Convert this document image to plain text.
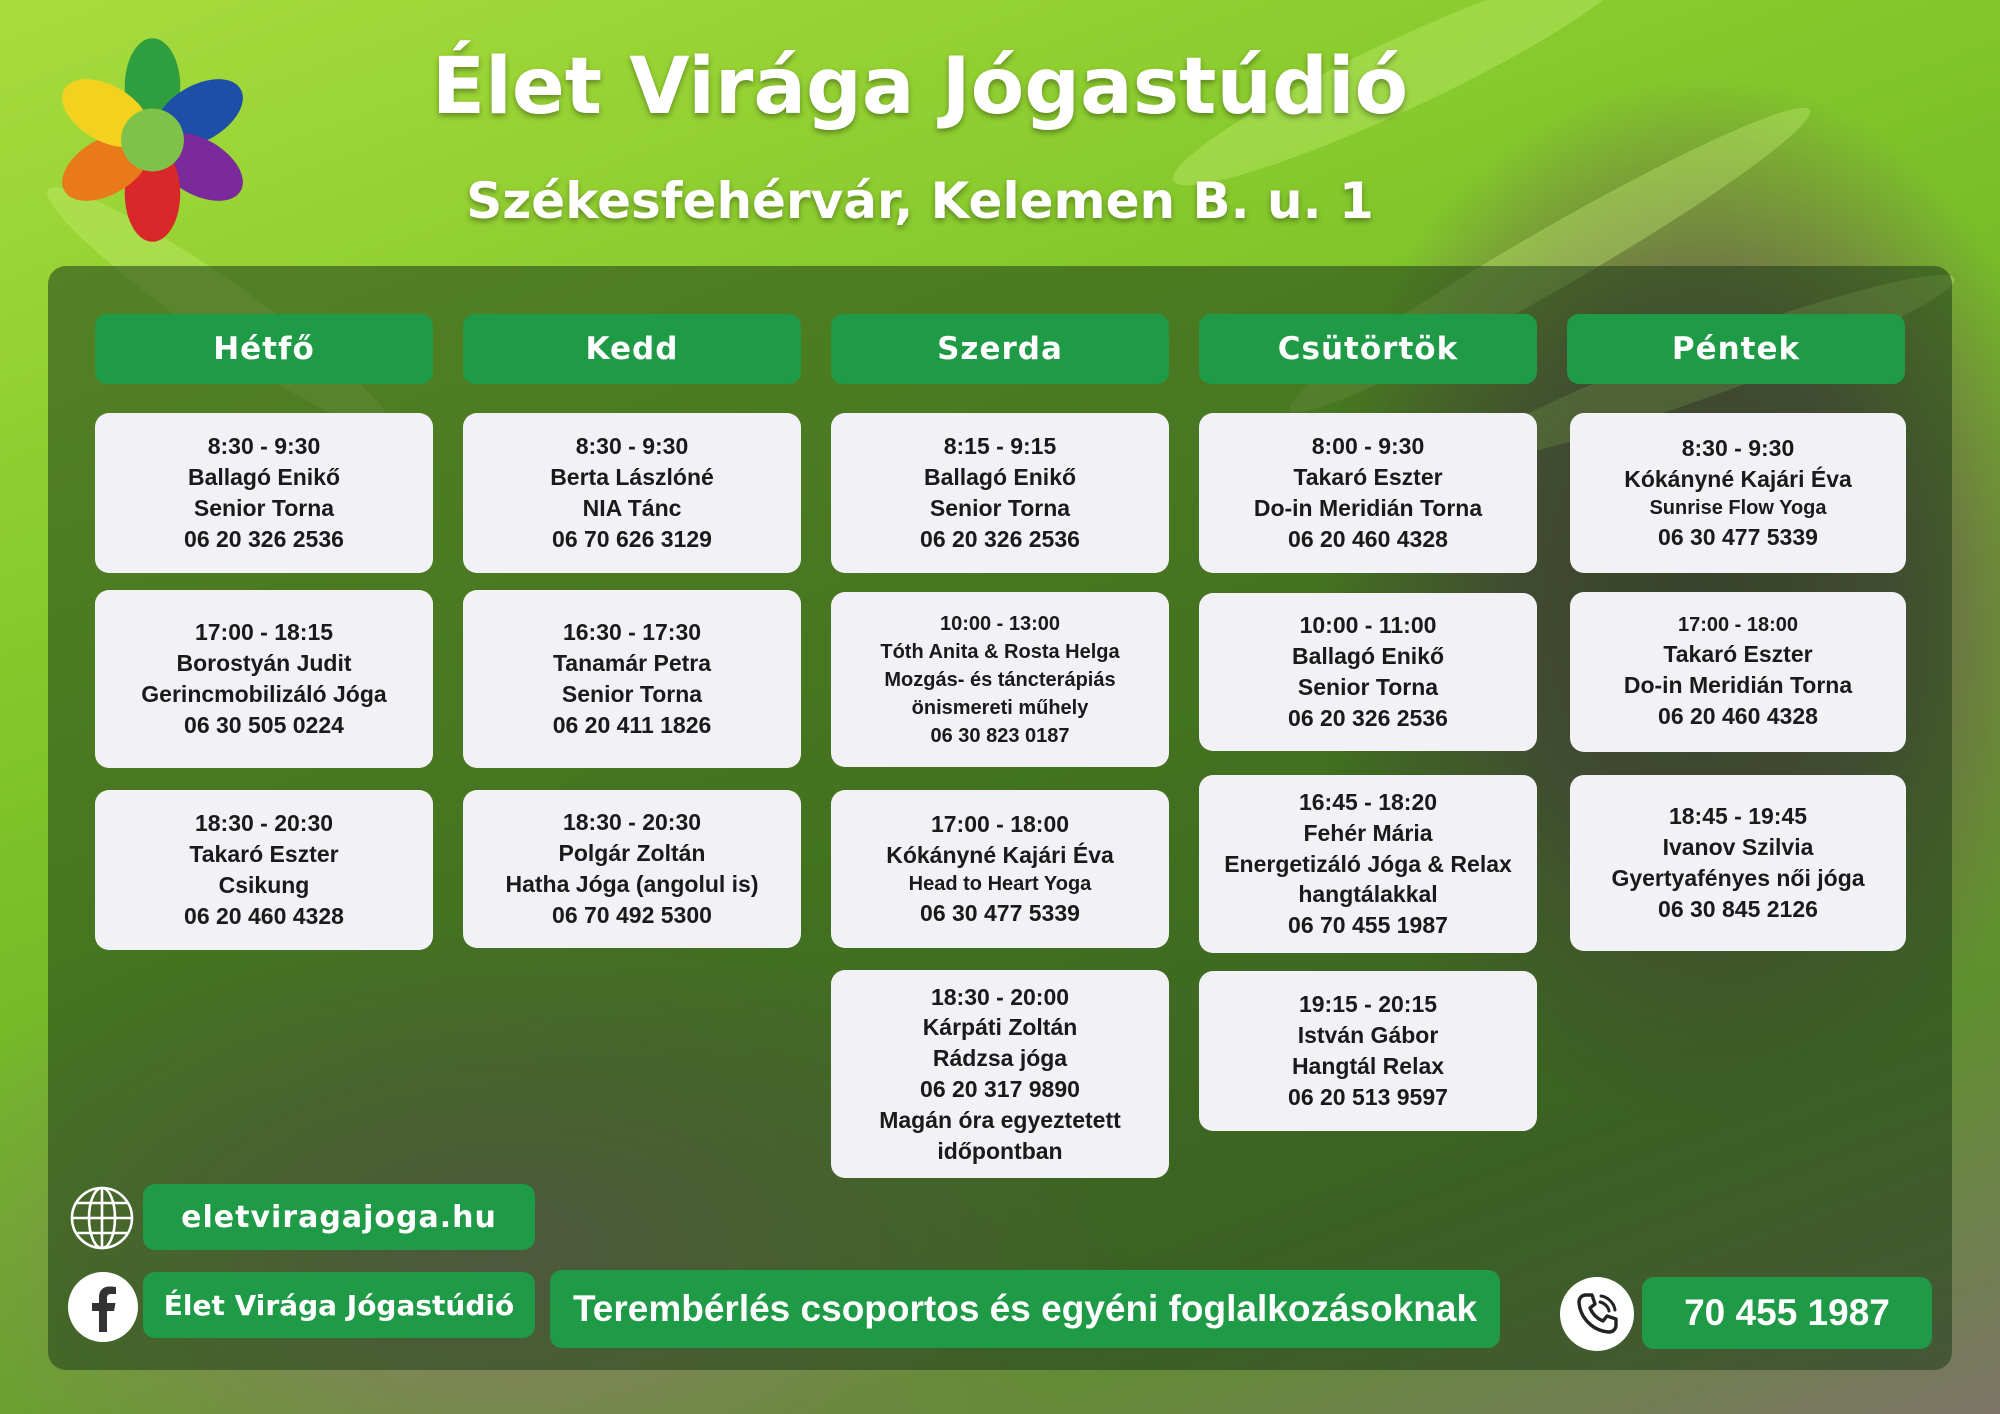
Élet Virága Jógastúdió
Székesfehérvár, Kelemen B. u. 1
Hétfő
8:30 - 9:30
Ballagó Enikő
Senior Torna
06 20 326 2536
17:00 - 18:15
Borostyán Judit
Gerincmobilizáló Jóga
06 30 505 0224
18:30 - 20:30
Takaró Eszter
Csikung
06 20 460 4328
Kedd
8:30 - 9:30
Berta Lászlóné
NIA Tánc
06 70 626 3129
16:30 - 17:30
Tanamár Petra
Senior Torna
06 20 411 1826
18:30 - 20:30
Polgár Zoltán
Hatha Jóga (angolul is)
06 70 492 5300
Szerda
8:15 - 9:15
Ballagó Enikő
Senior Torna
06 20 326 2536
10:00 - 13:00
Tóth Anita & Rosta Helga
Mozgás- és táncterápiás
önismereti műhely
06 30 823 0187
17:00 - 18:00
Kókányné Kajári Éva
Head to Heart Yoga
06 30 477 5339
18:30 - 20:00
Kárpáti Zoltán
Rádzsa jóga
06 20 317 9890
Magán óra egyeztetett
időpontban
Csütörtök
8:00 - 9:30
Takaró Eszter
Do-in Meridián Torna
06 20 460 4328
10:00 - 11:00
Ballagó Enikő
Senior Torna
06 20 326 2536
16:45 - 18:20
Fehér Mária
Energetizáló Jóga & Relax
hangtálakkal
06 70 455 1987
19:15 - 20:15
István Gábor
Hangtál Relax
06 20 513 9597
Péntek
8:30 - 9:30
Kókányné Kajári Éva
Sunrise Flow Yoga
06 30 477 5339
17:00 - 18:00
Takaró Eszter
Do-in Meridián Torna
06 20 460 4328
18:45 - 19:45
Ivanov Szilvia
Gyertyafényes női jóga
06 30 845 2126
eletviragajoga.hu
Élet Virága Jógastúdió	Terembérlés csoportos és egyéni foglalkozásoknak	70 455 1987
